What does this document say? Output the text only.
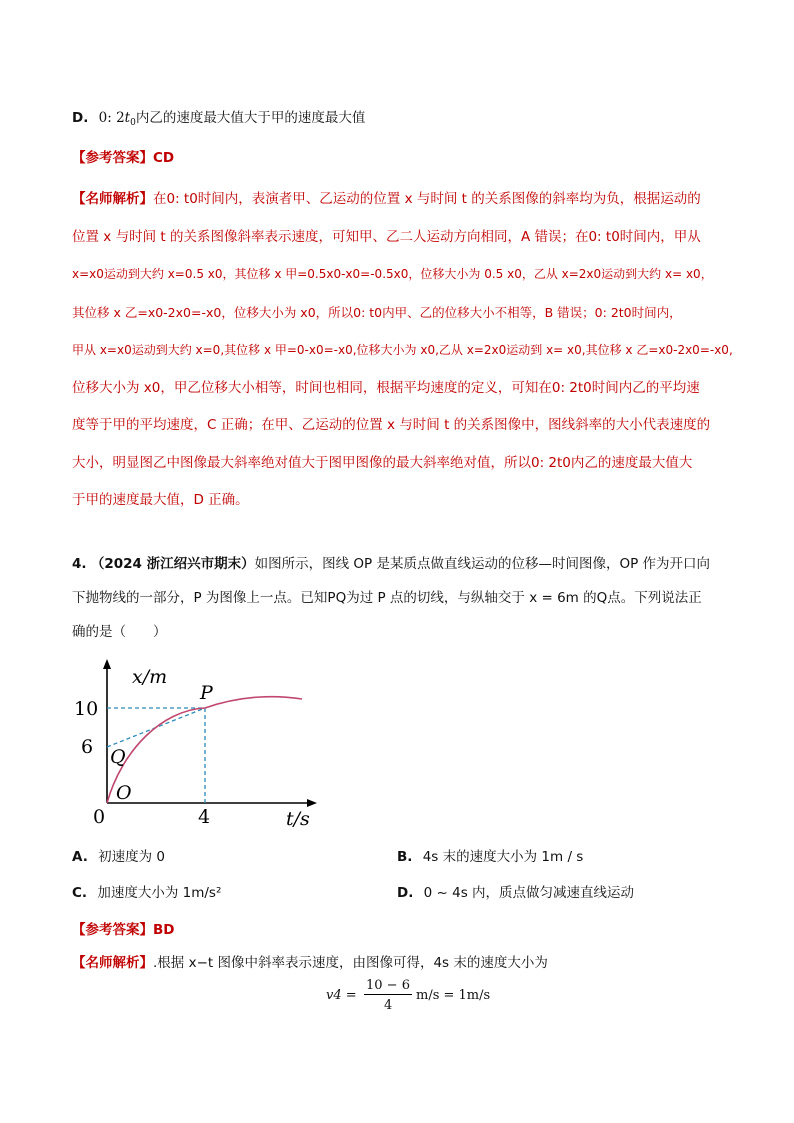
D. 0: $2t_0$内乙的速度最大值大于甲的速度最大值
【参考答案】CD
【名师解析】在0: t0时间内，表演者甲、乙运动的位置 x 与时间 t 的关系图像的斜率均为负，根据运动的
位置 x 与时间 t 的关系图像斜率表示速度，可知甲、乙二人运动方向相同，A 错误；在0: t0时间内，甲从
x=x0运动到大约 x=0.5 x0，其位移 x 甲=0.5x0-x0=-0.5x0，位移大小为 0.5 x0，乙从 x=2x0运动到大约 x= x0，
其位移 x 乙=x0-2x0=-x0，位移大小为 x0，所以0: t0内甲、乙的位移大小不相等，B 错误；0: 2t0时间内，
甲从 x=x0运动到大约 x=0,其位移 x 甲=0-x0=-x0,位移大小为 x0,乙从 x=2x0运动到 x= x0,其位移 x 乙=x0-2x0=-x0,
位移大小为 x0，甲乙位移大小相等，时间也相同，根据平均速度的定义，可知在0: 2t0时间内乙的平均速
度等于甲的平均速度，C 正确；在甲、乙运动的位置 x 与时间 t 的关系图像中，图线斜率的大小代表速度的
大小，明显图乙中图像最大斜率绝对值大于图甲图像的最大斜率绝对值，所以0: 2t0内乙的速度最大值大
于甲的速度最大值，D 正确。
4. （2024 浙江绍兴市期末）如图所示，图线 OP 是某质点做直线运动的位移—时间图像，OP 作为开口向
下抛物线的一部分，P 为图像上一点。已知PQ为过 P 点的切线，与纵轴交于 x = 6m 的Q点。下列说法正
确的是（　　）
x/m
t/s
0
O
P
Q
10
6
4
A. 初速度为 0	B. 4s 末的速度大小为 1m / s
C. 加速度大小为 1m/s²	D. 0 ~ 4s 内，质点做匀减速直线运动
【参考答案】BD
【名师解析】.根据 x−t 图像中斜率表示速度，由图像可得，4s 末的速度大小为
v4 =
10 − 6
4
m/s = 1m/s
